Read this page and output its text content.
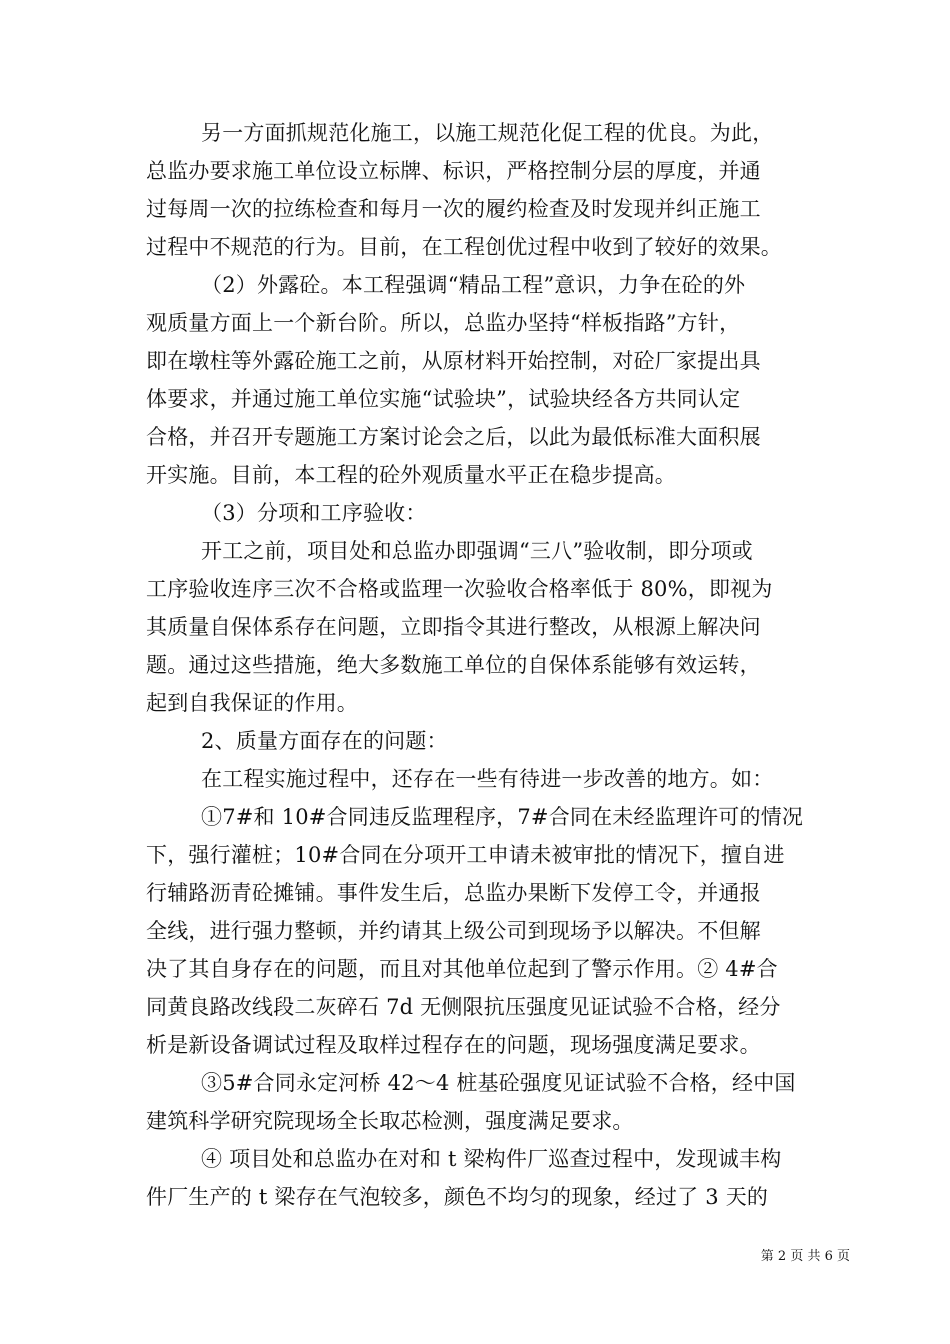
另一方面抓规范化施工，以施工规范化促工程的优良。为此，
总监办要求施工单位设立标牌、标识，严格控制分层的厚度，并通
过每周一次的拉练检查和每月一次的履约检查及时发现并纠正施工
过程中不规范的行为。目前，在工程创优过程中收到了较好的效果。
（2）外露砼。本工程强调“精品工程”意识，力争在砼的外
观质量方面上一个新台阶。所以，总监办坚持“样板指路”方针，
即在墩柱等外露砼施工之前，从原材料开始控制，对砼厂家提出具
体要求，并通过施工单位实施“试验块”，试验块经各方共同认定
合格，并召开专题施工方案讨论会之后，以此为最低标准大面积展
开实施。目前，本工程的砼外观质量水平正在稳步提高。
（3）分项和工序验收：
开工之前，项目处和总监办即强调“三八”验收制，即分项或
工序验收连序三次不合格或监理一次验收合格率低于 80%，即视为
其质量自保体系存在问题，立即指令其进行整改，从根源上解决问
题。通过这些措施，绝大多数施工单位的自保体系能够有效运转，
起到自我保证的作用。
2、质量方面存在的问题：
在工程实施过程中，还存在一些有待进一步改善的地方。如：
①7#和 10#合同违反监理程序，7#合同在未经监理许可的情况
下，强行灌桩；10#合同在分项开工申请未被审批的情况下，擅自进
行辅路沥青砼摊铺。事件发生后，总监办果断下发停工令，并通报
全线，进行强力整顿，并约请其上级公司到现场予以解决。不但解
决了其自身存在的问题，而且对其他单位起到了警示作用。② 4#合
同黄良路改线段二灰碎石 7d 无侧限抗压强度见证试验不合格，经分
析是新设备调试过程及取样过程存在的问题，现场强度满足要求。
③5#合同永定河桥 42～4 桩基砼强度见证试验不合格，经中国
建筑科学研究院现场全长取芯检测，强度满足要求。
④ 项目处和总监办在对和 t 梁构件厂巡查过程中，发现诚丰构
件厂生产的 t 梁存在气泡较多，颜色不均匀的现象，经过了 3 天的
第 2 页 共 6 页
